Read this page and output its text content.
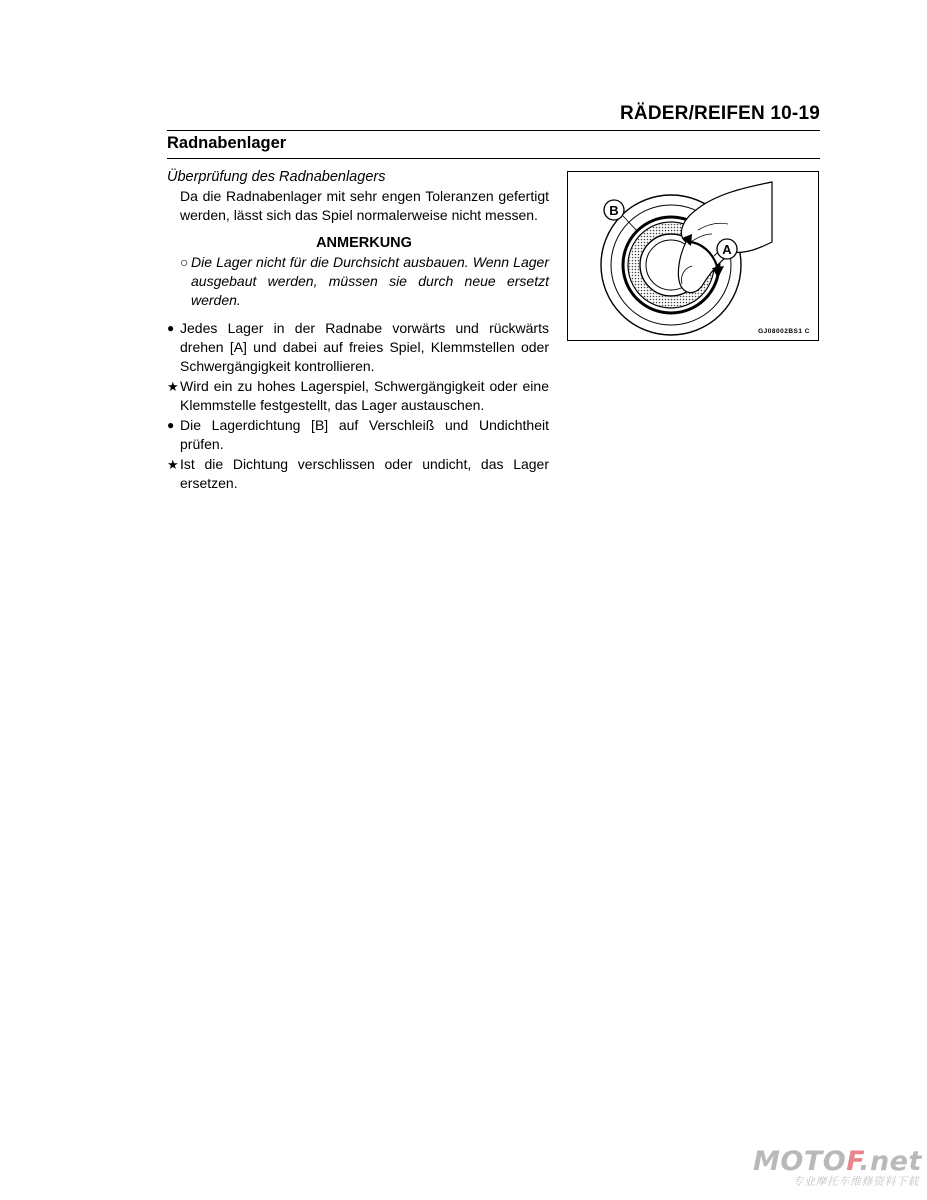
RÄDER/REIFEN 10-19
Radnabenlager

Überprüfung des Radnabenlagers

Da die Radnabenlager mit sehr engen Toleranzen gefertigt werden, lässt sich das Spiel normalerweise nicht messen.

ANMERKUNG

○ Die Lager nicht für die Durchsicht ausbauen. Wenn Lager ausgebaut werden, müssen sie durch neue ersetzt werden.

● Jedes Lager in der Radnabe vorwärts und rückwärts drehen [A] und dabei auf freies Spiel, Klemmstellen oder Schwergängigkeit kontrollieren.
★ Wird ein zu hohes Lagerspiel, Schwergängigkeit oder eine Klemmstelle festgestellt, das Lager austauschen.
● Die Lagerdichtung [B] auf Verschleiß und Undichtheit prüfen.
★ Ist die Dichtung verschlissen oder undicht, das Lager ersetzen.
B
A
GJ08002BS1 C
MOTOF.net
专业摩托车维修资料下载
